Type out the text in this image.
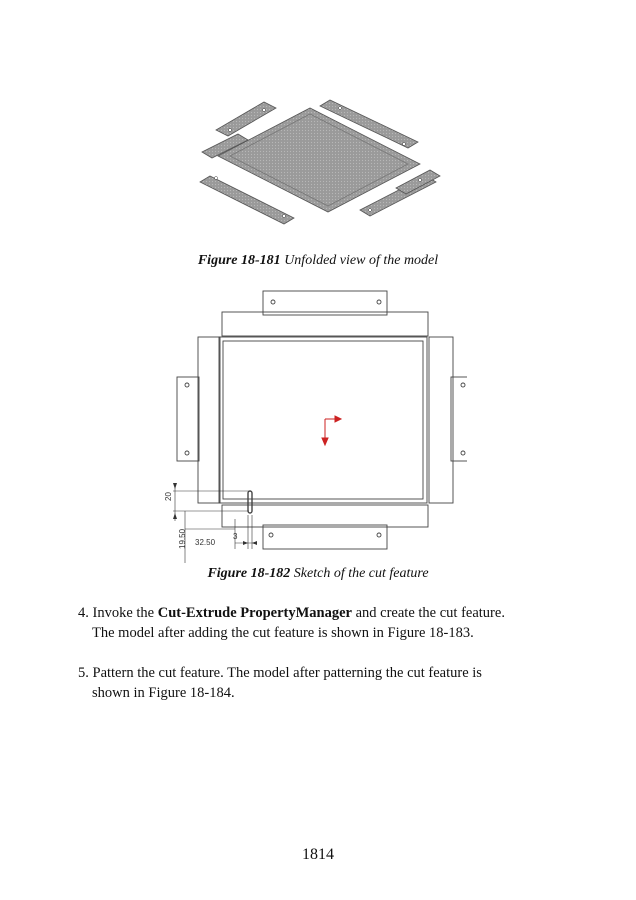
Figure 18-181 Unfolded view of the model
20
19.50 32.50
3
Figure 18-182 Sketch of the cut feature
4. Invoke the Cut-Extrude PropertyManager and create the cut feature.
The model after adding the cut feature is shown in Figure 18-183.
5. Pattern the cut feature. The model after patterning the cut feature is
shown in Figure 18-184.
1814
